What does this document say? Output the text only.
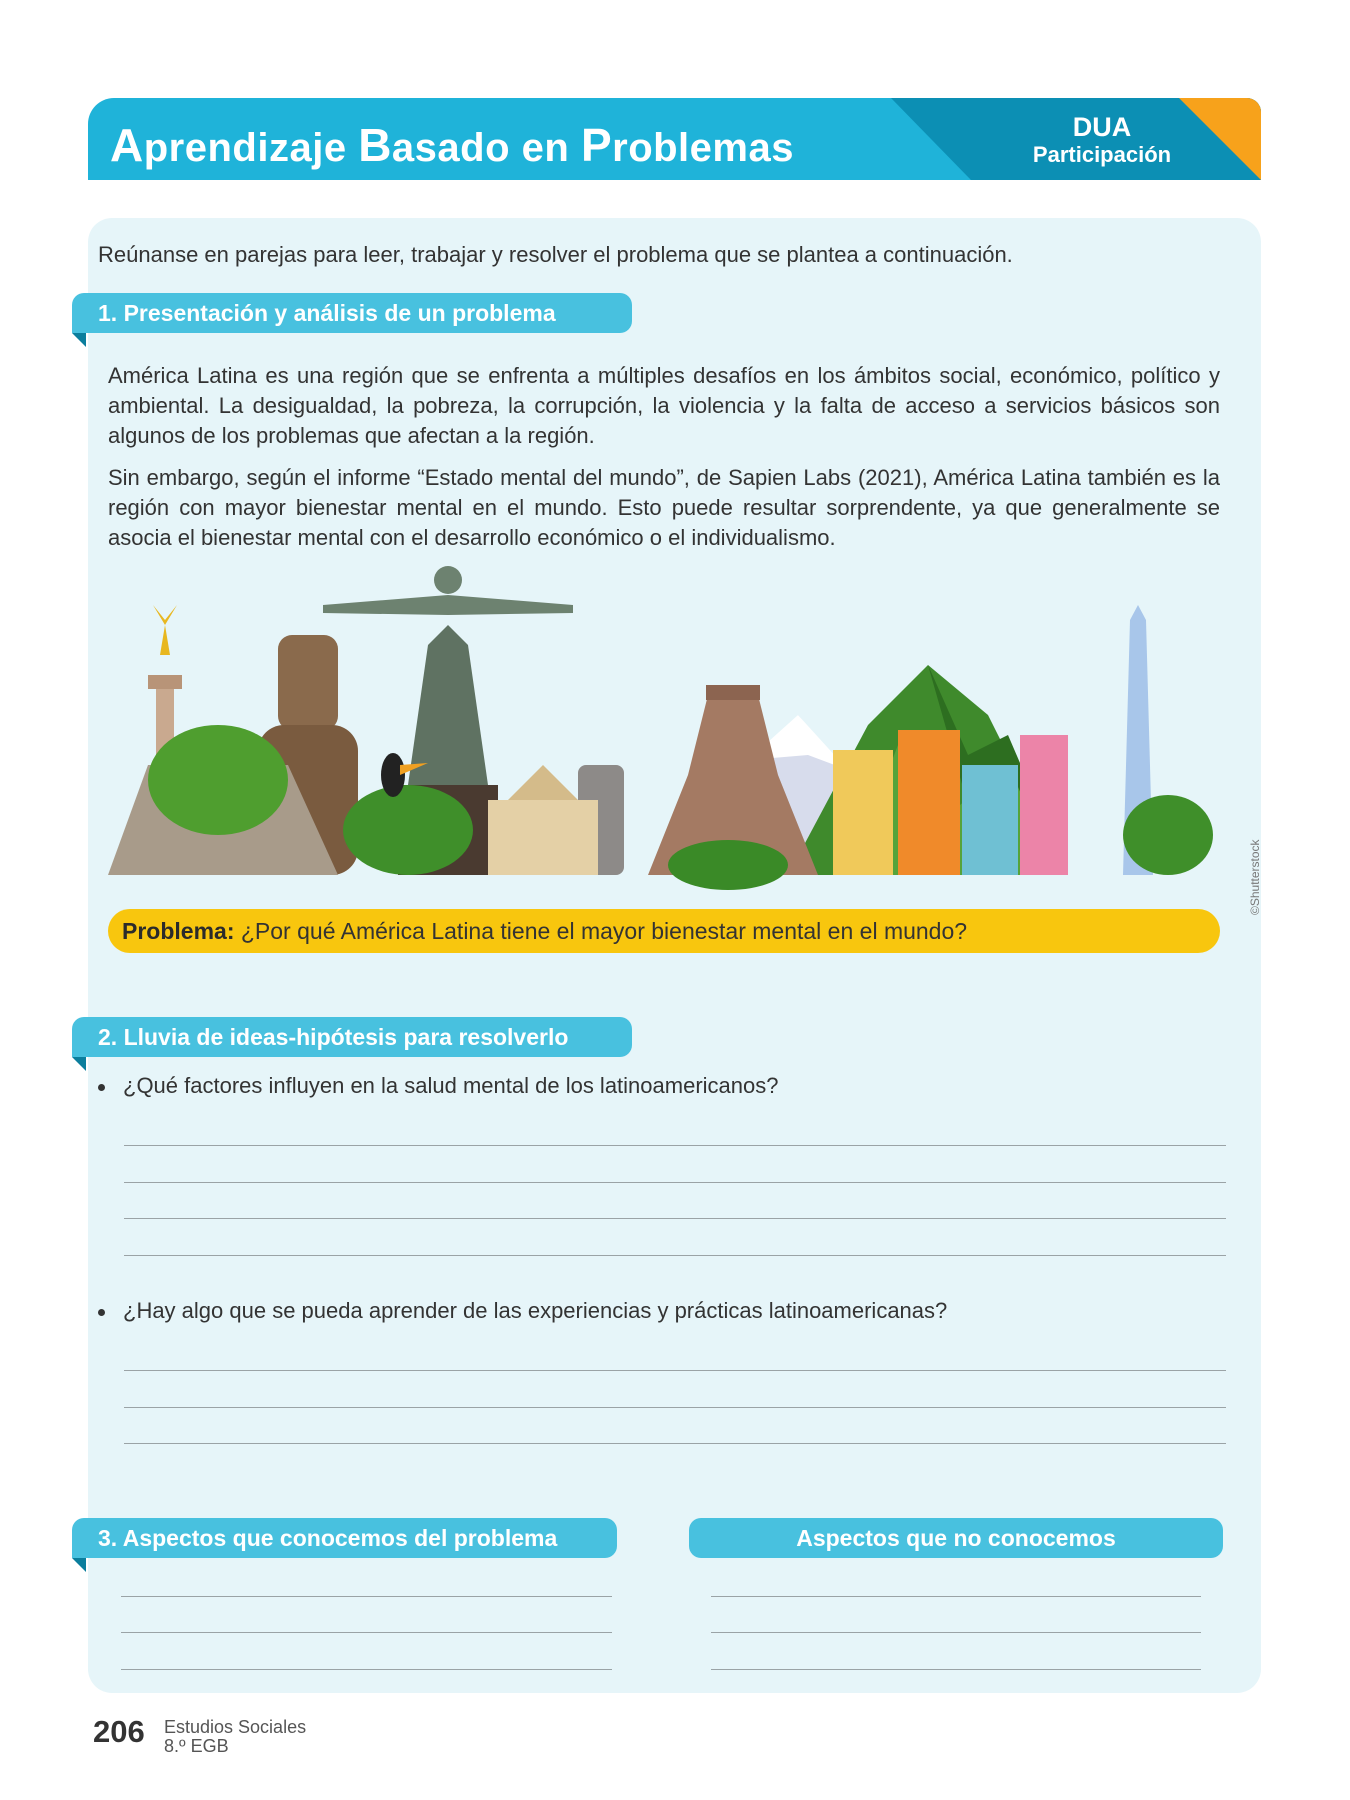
Aprendizaje Basado en Problemas	DUA
Participación
Reúnanse en parejas para leer, trabajar y resolver el problema que se plantea a continuación.
1. Presentación y análisis de un problema

América Latina es una región que se enfrenta a múltiples desafíos en los ámbitos social, económico, político y ambiental. La desigualdad, la pobreza, la corrupción, la violencia y la falta de acceso a servicios básicos son algunos de los problemas que afectan a la región.

Sin embargo, según el informe “Estado mental del mundo”, de Sapien Labs (2021), América Latina también es la región con mayor bienestar mental en el mundo. Esto puede resultar sorprendente, ya que generalmente se asocia el bienestar mental con el desarrollo económico o el individualismo.

©Shutterstock
Problema: ¿Por qué América Latina tiene el mayor bienestar mental en el mundo?
2. Lluvia de ideas-hipótesis para resolverlo
¿Qué factores influyen en la salud mental de los latinoamericanos?
¿Hay algo que se pueda aprender de las experiencias y prácticas latinoamericanas?
3. Aspectos que conocemos del problema	Aspectos que no conocemos
206 Estudios Sociales
8.º EGB
